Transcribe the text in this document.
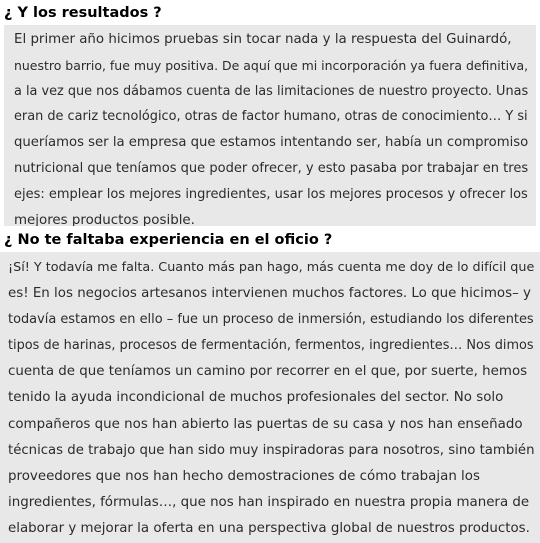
¿ Y los resultados ?
El primer año hicimos pruebas sin tocar nada y la respuesta del Guinardó,
nuestro barrio, fue muy positiva. De aquí que mi incorporación ya fuera definitiva,
a la vez que nos dábamos cuenta de las limitaciones de nuestro proyecto. Unas
eran de cariz tecnológico, otras de factor humano, otras de conocimiento… Y si
queríamos ser la empresa que estamos intentando ser, había un compromiso
nutricional que teníamos que poder ofrecer, y esto pasaba por trabajar en tres
ejes: emplear los mejores ingredientes, usar los mejores procesos y ofrecer los
mejores productos posible.
¿ No te faltaba experiencia en el oficio ?
¡Sí! Y todavía me falta. Cuanto más pan hago, más cuenta me doy de lo difícil que
es! En los negocios artesanos intervienen muchos factores. Lo que hicimos– y
todavía estamos en ello – fue un proceso de inmersión, estudiando los diferentes
tipos de harinas, procesos de fermentación, fermentos, ingredientes… Nos dimos
cuenta de que teníamos un camino por recorrer en el que, por suerte, hemos
tenido la ayuda incondicional de muchos profesionales del sector. No solo
compañeros que nos han abierto las puertas de su casa y nos han enseñado
técnicas de trabajo que han sido muy inspiradoras para nosotros, sino también
proveedores que nos han hecho demostraciones de cómo trabajan los
ingredientes, fórmulas…, que nos han inspirado en nuestra propia manera de
elaborar y mejorar la oferta en una perspectiva global de nuestros productos.
